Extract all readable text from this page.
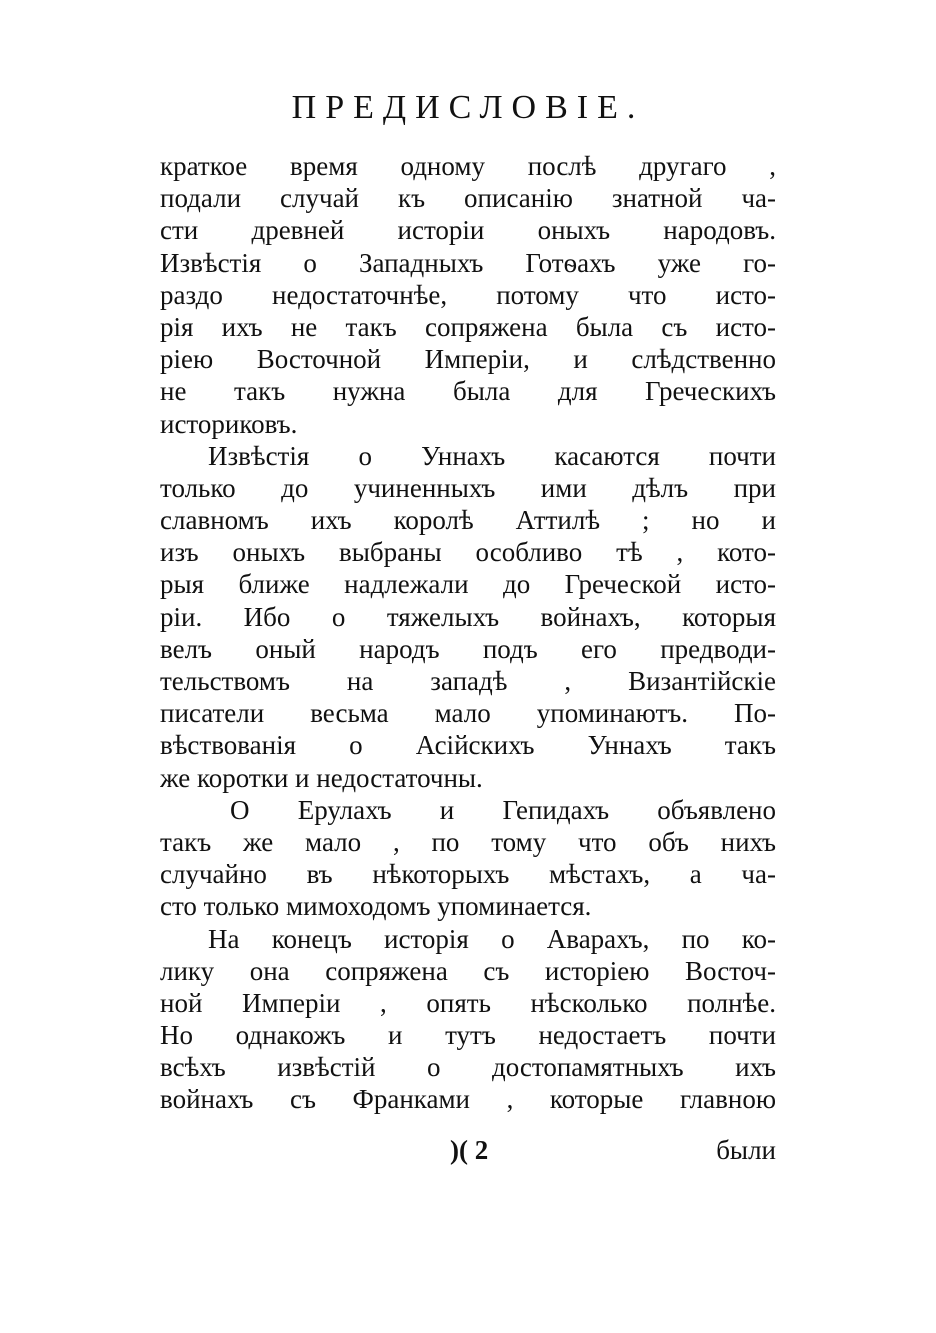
ПРЕДИСЛОВІЕ.
краткое время одному послѣ другаго ,
подали случай къ описанію знатной ча-
сти древней исторіи оныхъ народовъ.
Извѣстія о Западныхъ Готѳахъ уже го-
раздо недостаточнѣе, потому что исто-
рія ихъ не такъ сопряжена была съ исто-
ріею Восточной Имперіи, и слѣдственно
не такъ нужна была для Греческихъ
историковъ.
Извѣстія о Уннахъ касаются почти
только до учиненныхъ ими дѣлъ при
славномъ ихъ королѣ Аттилѣ ; но и
изъ оныхъ выбраны особливо тѣ , кото-
рыя ближе надлежали до Греческой исто-
ріи. Ибо о тяжелыхъ войнахъ, которыя
велъ оный народъ подъ его предводи-
тельствомъ на западѣ , Византійскіе
писатели весьма мало упоминаютъ. По-
вѣствованія о Асійскихъ Уннахъ такъ
же коротки и недостаточны.
О Ерулахъ и Гепидахъ объявлено
такъ же мало , по тому что объ нихъ
случайно въ нѣкоторыхъ мѣстахъ, а ча-
сто только мимоходомъ упоминается.
На конецъ исторія о Аварахъ, по ко-
лику она сопряжена съ исторіею Восточ-
ной Имперіи , опять нѣсколько полнѣе.
Но однакожъ и тутъ недостаетъ почти
всѣхъ извѣстій о достопамятныхъ ихъ
войнахъ съ Франками , которые главною
)( 2	были
